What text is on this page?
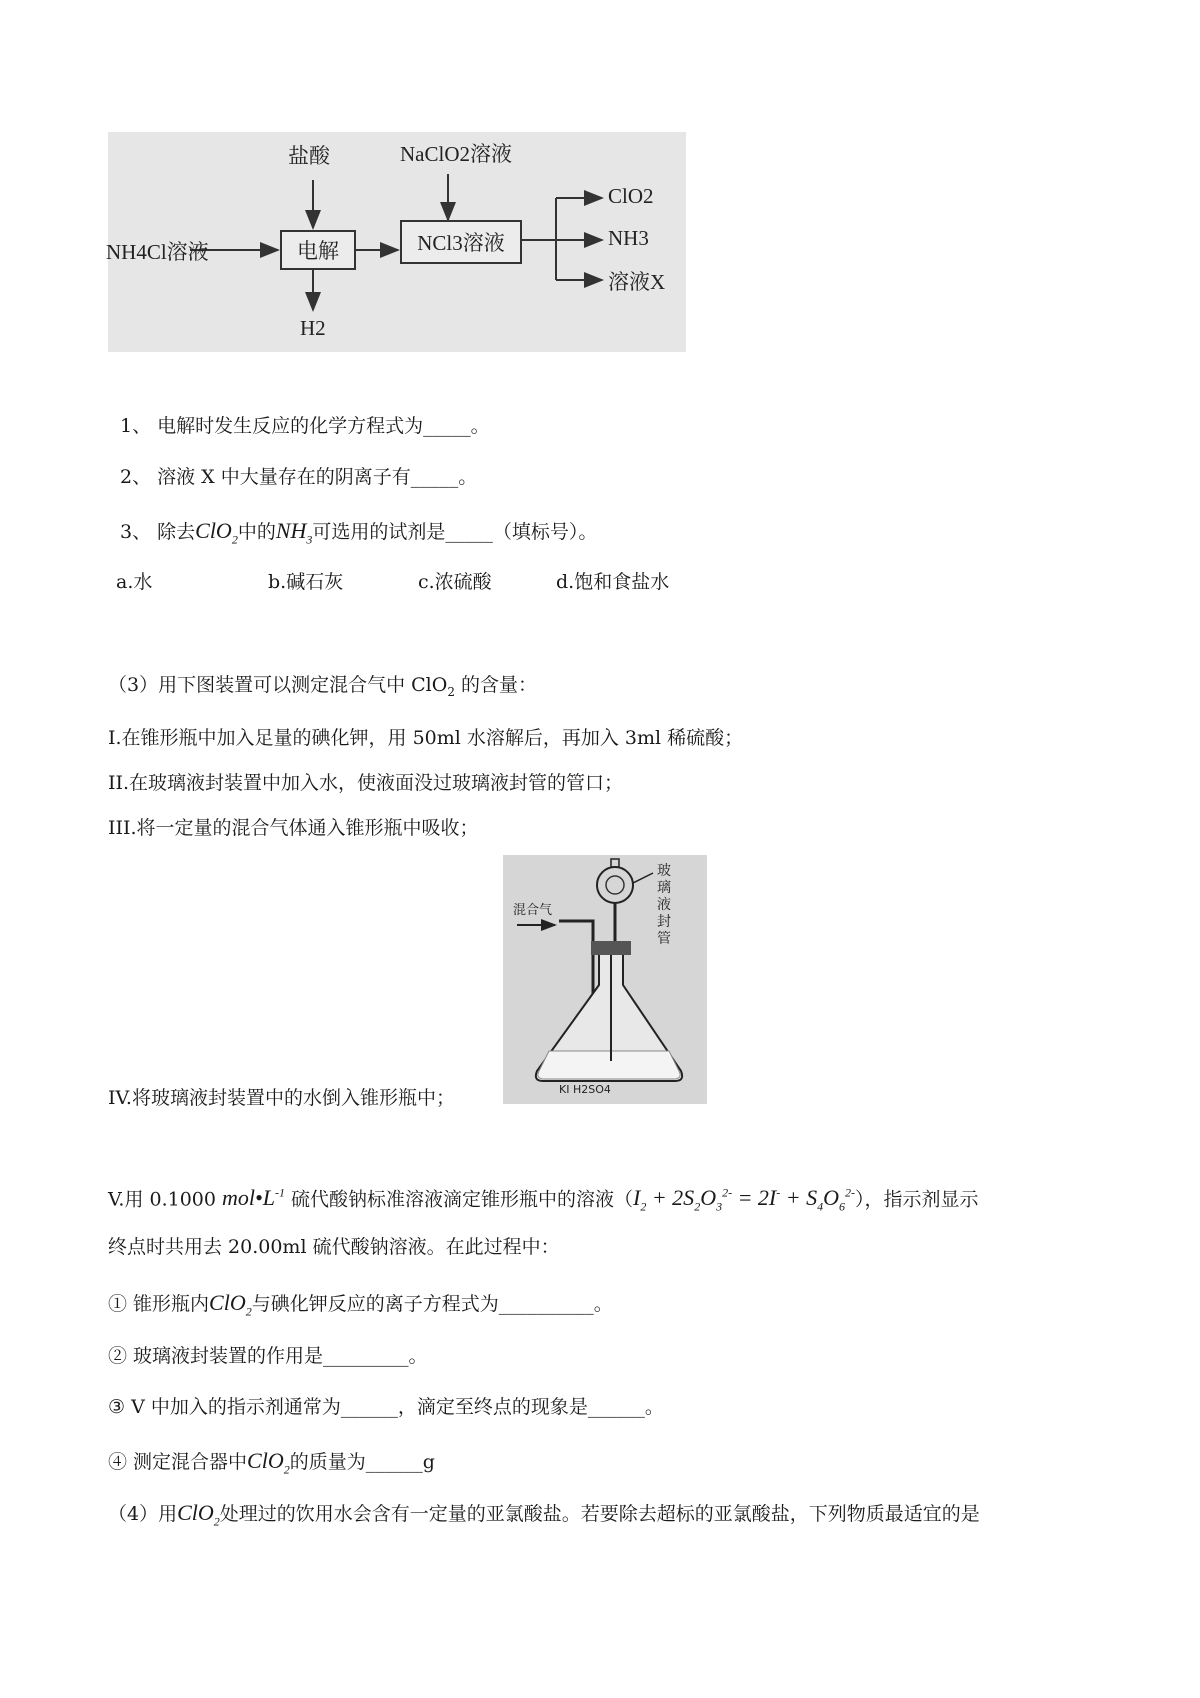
盐酸	NaClO2溶液
NH4Cl溶液	电解	NCl3溶液
ClO2
NH3
溶液X
H2
1、 电解时发生反应的化学方程式为_____。
2、 溶液 X 中大量存在的阴离子有_____。
3、 除去ClO$_2$中的$NH_3$可选用的试剂是_____（填标号）。
a.水	b.碱石灰	c.浓硫酸	d.饱和食盐水
（3）用下图装置可以测定混合气中 ClO$_2$ 的含量：
I.在锥形瓶中加入足量的碘化钾，用 50ml 水溶解后，再加入 3ml 稀硫酸；
II.在玻璃液封装置中加入水，使液面没过玻璃液封管的管口；
III.将一定量的混合气体通入锥形瓶中吸收；
混合气
玻璃液封管
KI H2SO4
IV.将玻璃液封装置中的水倒入锥形瓶中；
V.用 0.1000 $mol•L^{-1}$ 硫代酸钠标准溶液滴定锥形瓶中的溶液$(I_2 + 2S_2O_3^{2-} = 2I^- + S_4O_6^{2-})$，指示剂显示
终点时共用去 20.00ml 硫代酸钠溶液。在此过程中：
① 锥形瓶内ClO$_2$与碘化钾反应的离子方程式为__________。
② 玻璃液封装置的作用是_________。
③ V 中加入的指示剂通常为______，滴定至终点的现象是______。
④ 测定混合器中ClO$_2$的质量为______g
（4）用ClO$_2$处理过的饮用水会含有一定量的亚氯酸盐。若要除去超标的亚氯酸盐，下列物质最适宜的是
